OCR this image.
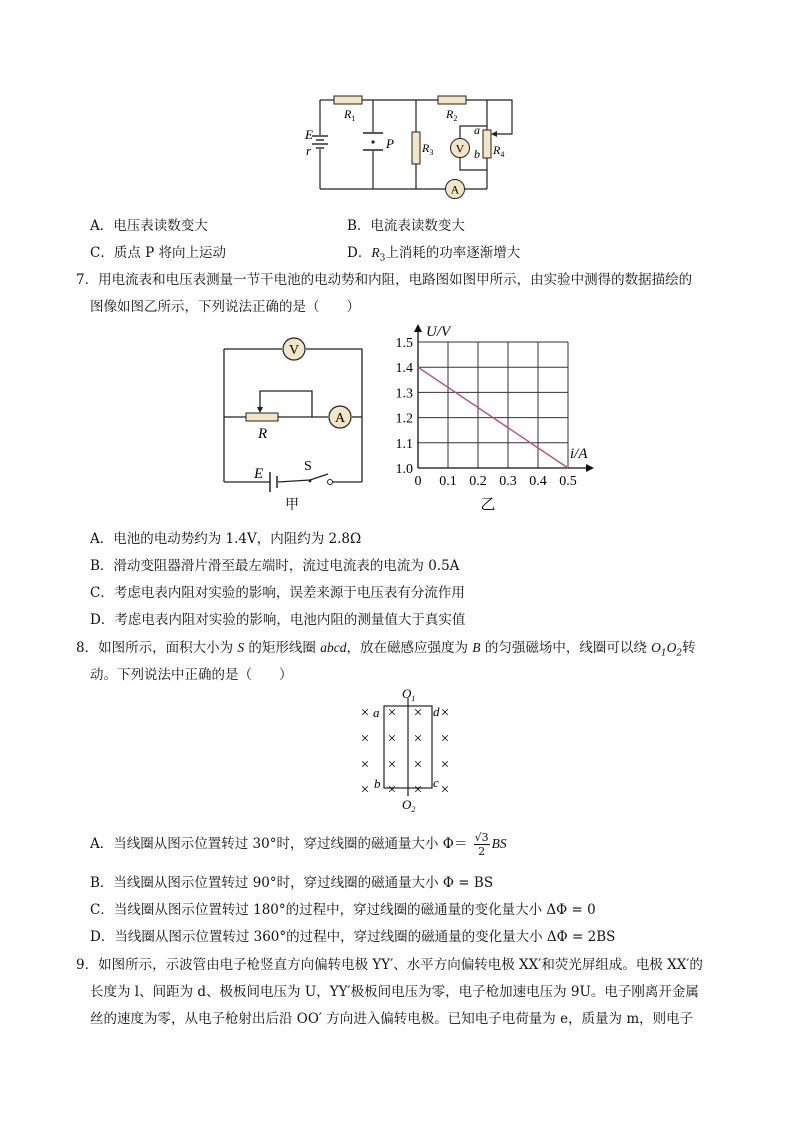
V
A
E
r	P
$R_1$	$R_2$
$R_3$	$R_4$
a
b
A．电压表读数变大	B．电流表读数变大
C．质点 P 将向上运动	D．$R_3$上消耗的功率逐渐增大
7．用电流表和电压表测量一节干电池的电动势和内阻，电路图如图甲所示，由实验中测得的数据描绘的
图像如图乙所示，下列说法正确的是（　　）
V
A
R
E	S
甲
0 0.1 0.2 0.3 0.4 0.5
1.0
1.1
1.2
1.3
1.4
1.5
U/V
i/A
乙
A．电池的电动势约为 1.4V，内阻约为 2.8Ω
B．滑动变阻器滑片滑至最左端时，流过电流表的电流为 0.5A
C．考虑电表内阻对实验的影响，误差来源于电压表有分流作用
D．考虑电表内阻对实验的影响，电池内阻的测量值大于真实值
8．如图所示，面积大小为 S 的矩形线圈 abcd，放在磁感应强度为 B 的匀强磁场中，线圈可以绕 $O_1O_2$转
动。下列说法中正确的是（　　）
× × × ×
× × × ×
× × × ×
× × × ×
a	d
b	c
$O_1$
$O_2$
A．当线圈从图示位置转过 30°时，穿过线圈的磁通量大小 $\Phi= \frac{√3}{2}$ BS
B．当线圈从图示位置转过 90°时，穿过线圈的磁通量大小 Φ = BS
C．当线圈从图示位置转过 180°的过程中，穿过线圈的磁通量的变化量大小 ΔΦ = 0
D．当线圈从图示位置转过 360°的过程中，穿过线圈的磁通量的变化量大小 ΔΦ = 2BS
9．如图所示，示波管由电子枪竖直方向偏转电极 YY′、水平方向偏转电极 XX′和荧光屏组成。电极 XX′的
长度为 l、间距为 d、极板间电压为 U，YY′极板间电压为零，电子枪加速电压为 9U。电子刚离开金属
丝的速度为零，从电子枪射出后沿 OO′ 方向进入偏转电极。已知电子电荷量为 e，质量为 m，则电子
